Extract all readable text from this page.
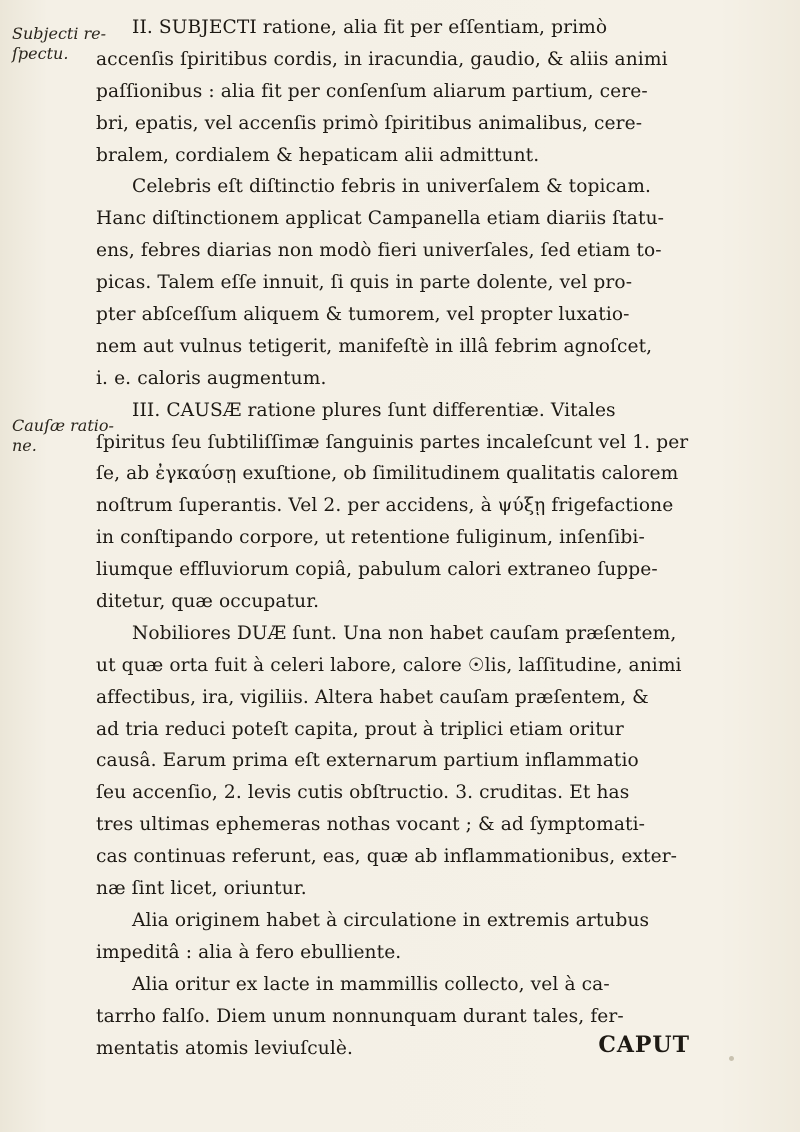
Subjecti re-
ſpectu.
Cauſæ ratio-
ne.
II. SUBJECTI ratione, alia fit per eſſentiam, primò
accenſis ſpiritibus cordis, in iracundia, gaudio, & aliis animi
paſſionibus : alia fit per conſenſum aliarum partium, cere-
bri, epatis, vel accenſis primò ſpiritibus animalibus, cere-
bralem, cordialem & hepaticam alii admittunt.
Celebris eſt diſtinctio febris in univerſalem & topicam.
Hanc diſtinctionem applicat Campanella etiam diariis ſtatu-
ens, febres diarias non modò fieri univerſales, ſed etiam to-
picas. Talem eſſe innuit, ſi quis in parte dolente, vel pro-
pter abſceſſum aliquem & tumorem, vel propter luxatio-
nem aut vulnus tetigerit, manifeſtè in illâ febrim agnoſcet,
i. e. caloris augmentum.
III. CAUSÆ ratione plures ſunt differentiæ. Vitales
ſpiritus ſeu ſubtiliſſimæ ſanguinis partes incaleſcunt vel 1. per
ſe, ab ἐγκαύσῃ exuſtione, ob ſimilitudinem qualitatis calorem
noſtrum ſuperantis. Vel 2. per accidens, à ψύξῃ frigefactione
in conſtipando corpore, ut retentione fuliginum, inſenſibi-
liumque effluviorum copiâ, pabulum calori extraneo ſuppe-
ditetur, quæ occupatur.
Nobiliores DUÆ ſunt. Una non habet cauſam præſentem,
ut quæ orta fuit à celeri labore, calore ☉lis, laſſitudine, animi
affectibus, ira, vigiliis. Altera habet cauſam præſentem, &
ad tria reduci poteſt capita, prout à triplici etiam oritur
causâ. Earum prima eſt externarum partium inflammatio
ſeu accenſio, 2. levis cutis obſtructio. 3. cruditas. Et has
tres ultimas ephemeras nothas vocant ; & ad ſymptomati-
cas continuas referunt, eas, quæ ab inflammationibus, exter-
næ ſint licet, oriuntur.
Alia originem habet à circulatione in extremis artubus
impeditâ : alia à fero ebulliente.
Alia oritur ex lacte in mammillis collecto, vel à ca-
tarrho falſo. Diem unum nonnunquam durant tales, fer-
mentatis atomis leviuſculè.	CAPUT
